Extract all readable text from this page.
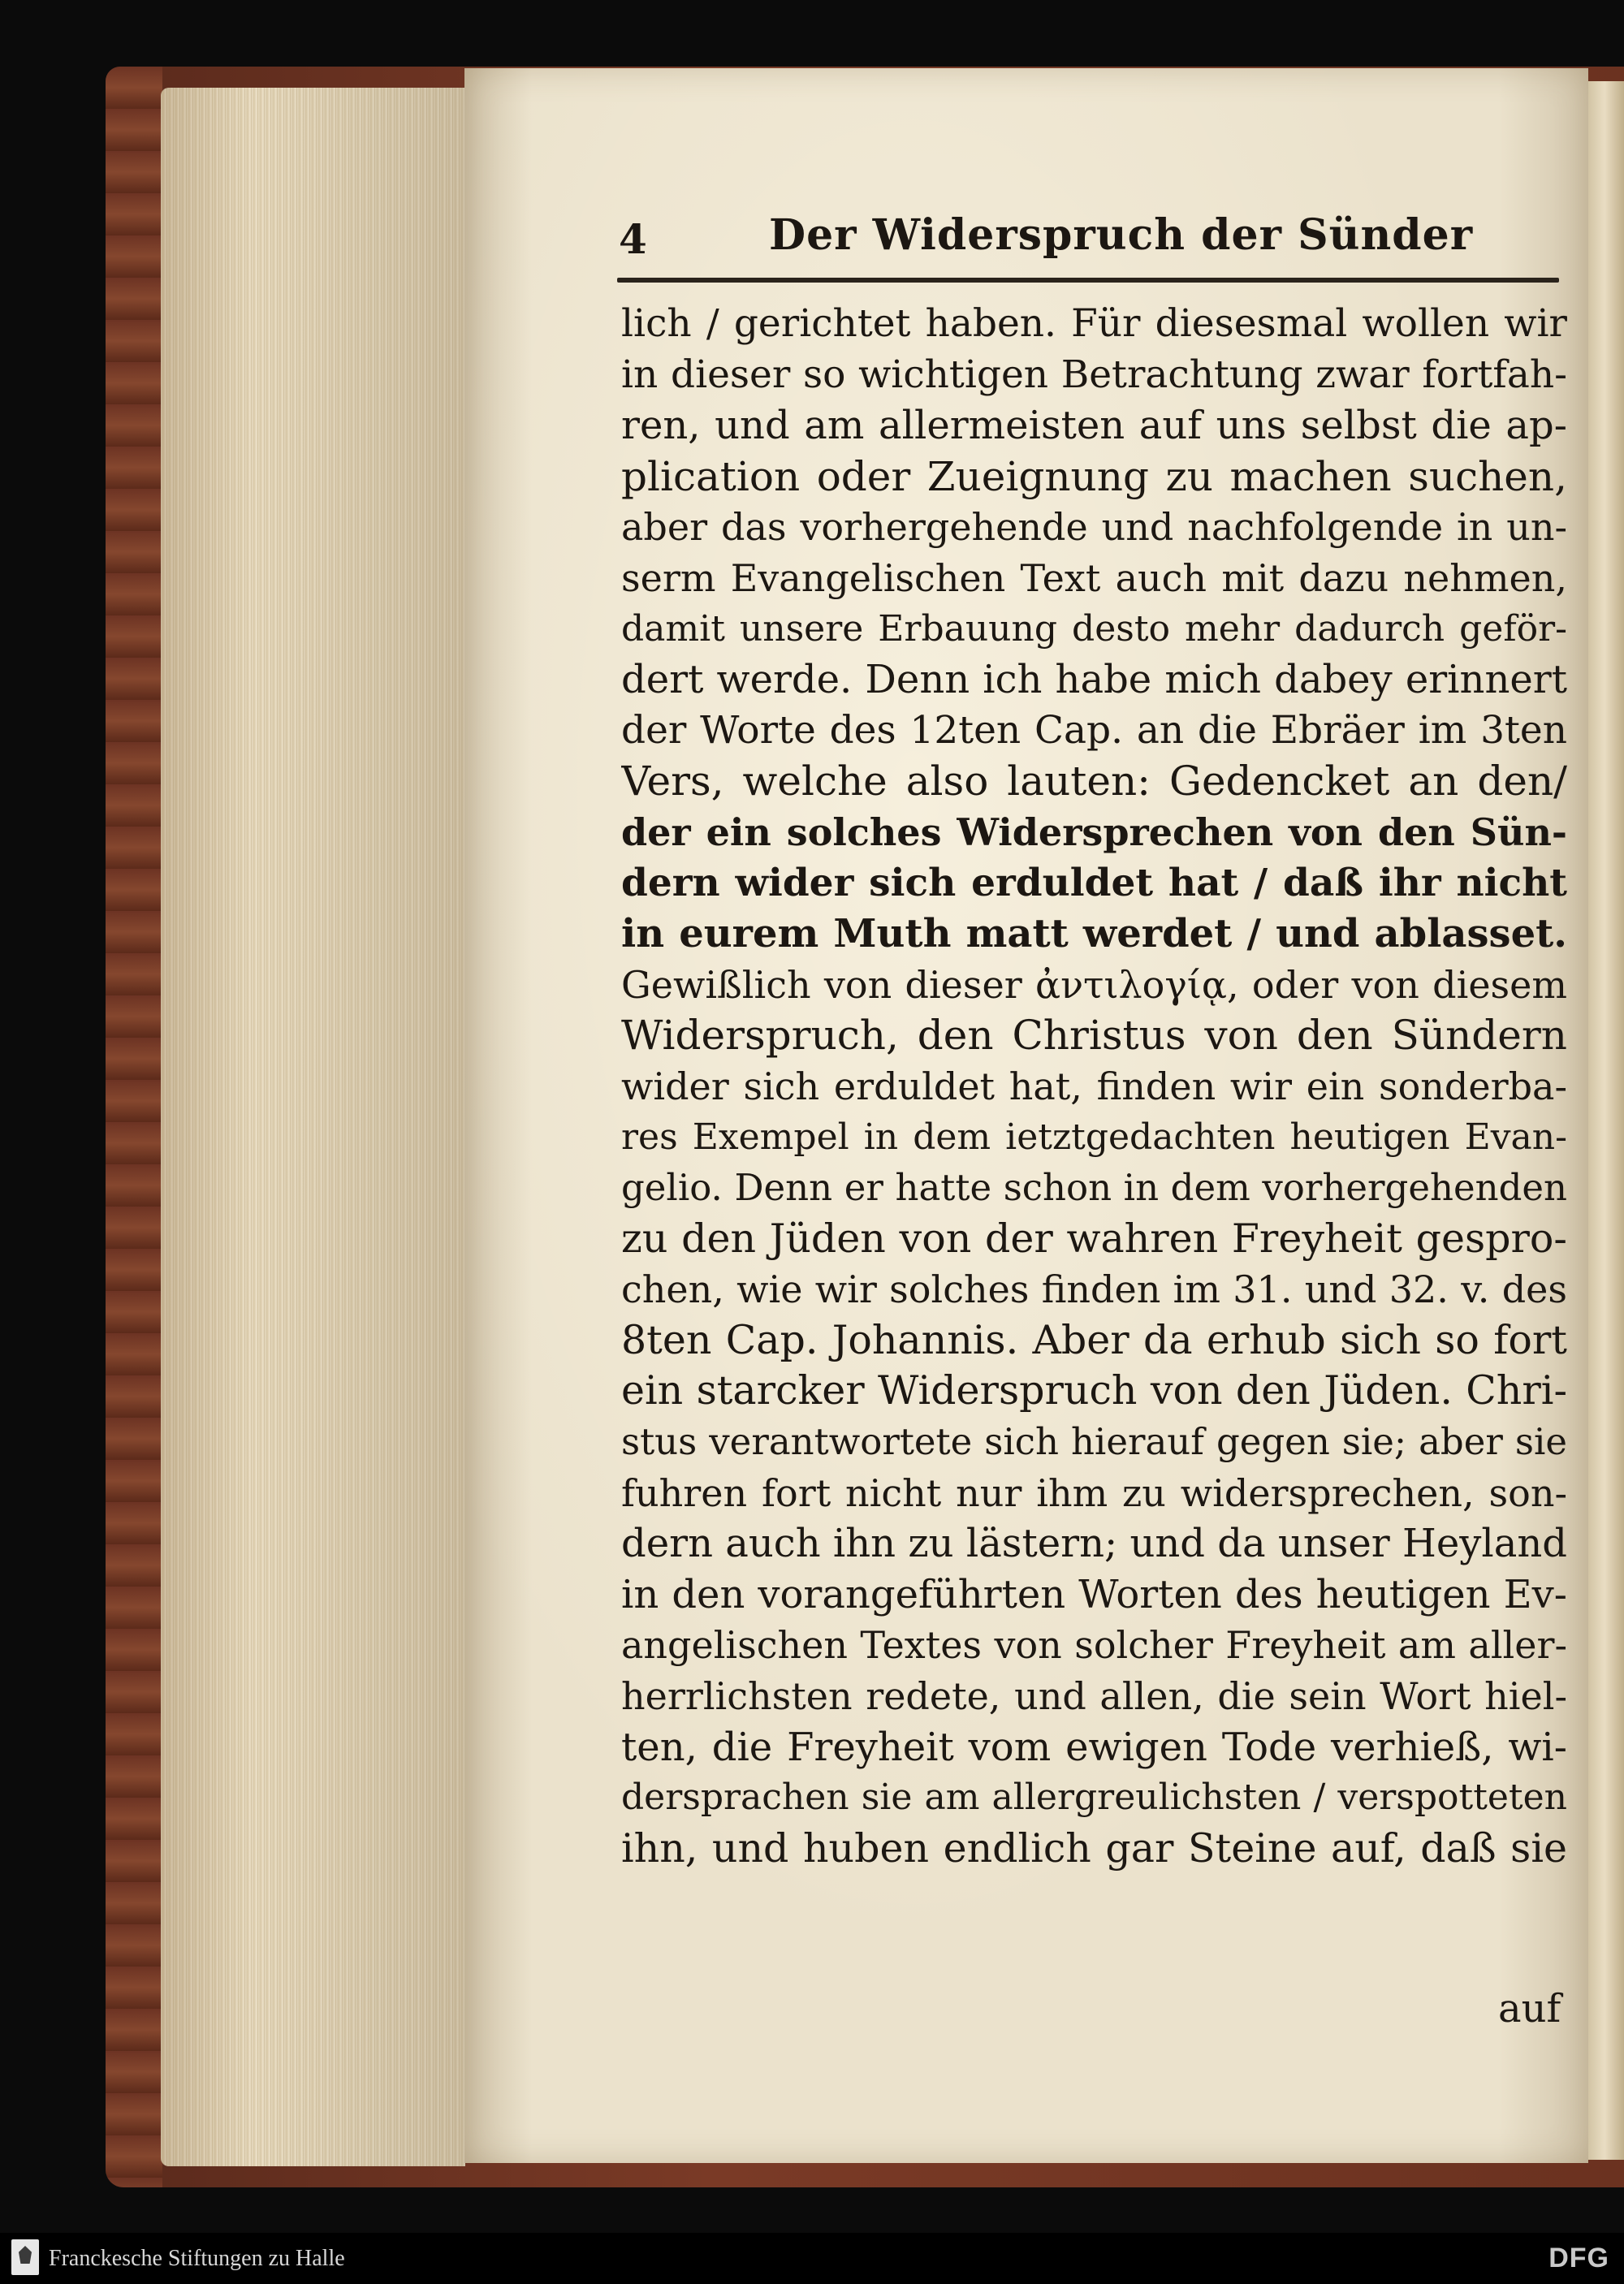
4	Der Widerspruch der Sünder
lich / gerichtet haben. Für diesesmal wollen wir
in dieser so wichtigen Betrachtung zwar fortfah-
ren, und am allermeisten auf uns selbst die ap-
plication oder Zueignung zu machen suchen,
aber das vorhergehende und nachfolgende in un-
serm Evangelischen Text auch mit dazu nehmen,
damit unsere Erbauung desto mehr dadurch geför-
dert werde. Denn ich habe mich dabey erinnert
der Worte des 12ten Cap. an die Ebräer im 3ten
Vers, welche also lauten: Gedencket an den/
der ein solches Widersprechen von den Sün-
dern wider sich erduldet hat / daß ihr nicht
in eurem Muth matt werdet / und ablasset.
Gewißlich von dieser ἀντιλογίᾳ, oder von diesem
Widerspruch, den Christus von den Sündern
wider sich erduldet hat, finden wir ein sonderba-
res Exempel in dem ietztgedachten heutigen Evan-
gelio. Denn er hatte schon in dem vorhergehenden
zu den Jüden von der wahren Freyheit gespro-
chen, wie wir solches finden im 31. und 32. v. des
8ten Cap. Johannis. Aber da erhub sich so fort
ein starcker Widerspruch von den Jüden. Chri-
stus verantwortete sich hierauf gegen sie; aber sie
fuhren fort nicht nur ihm zu widersprechen, son-
dern auch ihn zu lästern; und da unser Heyland
in den vorangeführten Worten des heutigen Ev-
angelischen Textes von solcher Freyheit am aller-
herrlichsten redete, und allen, die sein Wort hiel-
ten, die Freyheit vom ewigen Tode verhieß, wi-
dersprachen sie am allergreulichsten / verspotteten
ihn, und huben endlich gar Steine auf, daß sie
auf
Franckesche Stiftungen zu Halle	DFG
